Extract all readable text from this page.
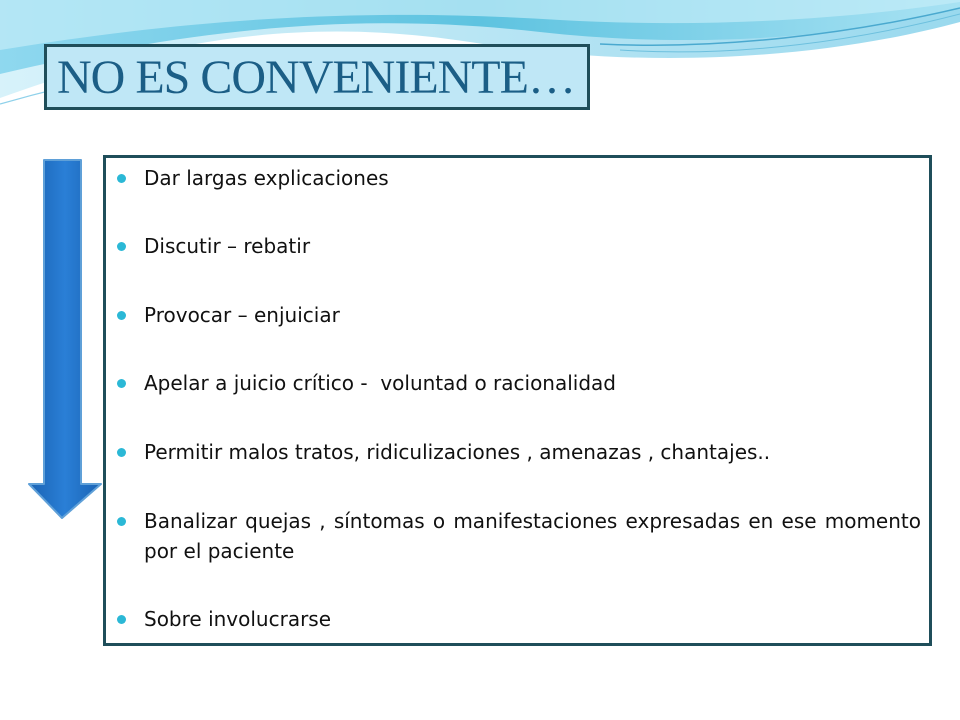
NO ES CONVENIENTE…
Dar largas explicaciones
Discutir – rebatir
Provocar – enjuiciar
Apelar a juicio crítico -  voluntad o racionalidad
Permitir malos tratos, ridiculizaciones , amenazas , chantajes..
Banalizar quejas , síntomas o manifestaciones expresadas en ese momento por el paciente
Sobre involucrarse
